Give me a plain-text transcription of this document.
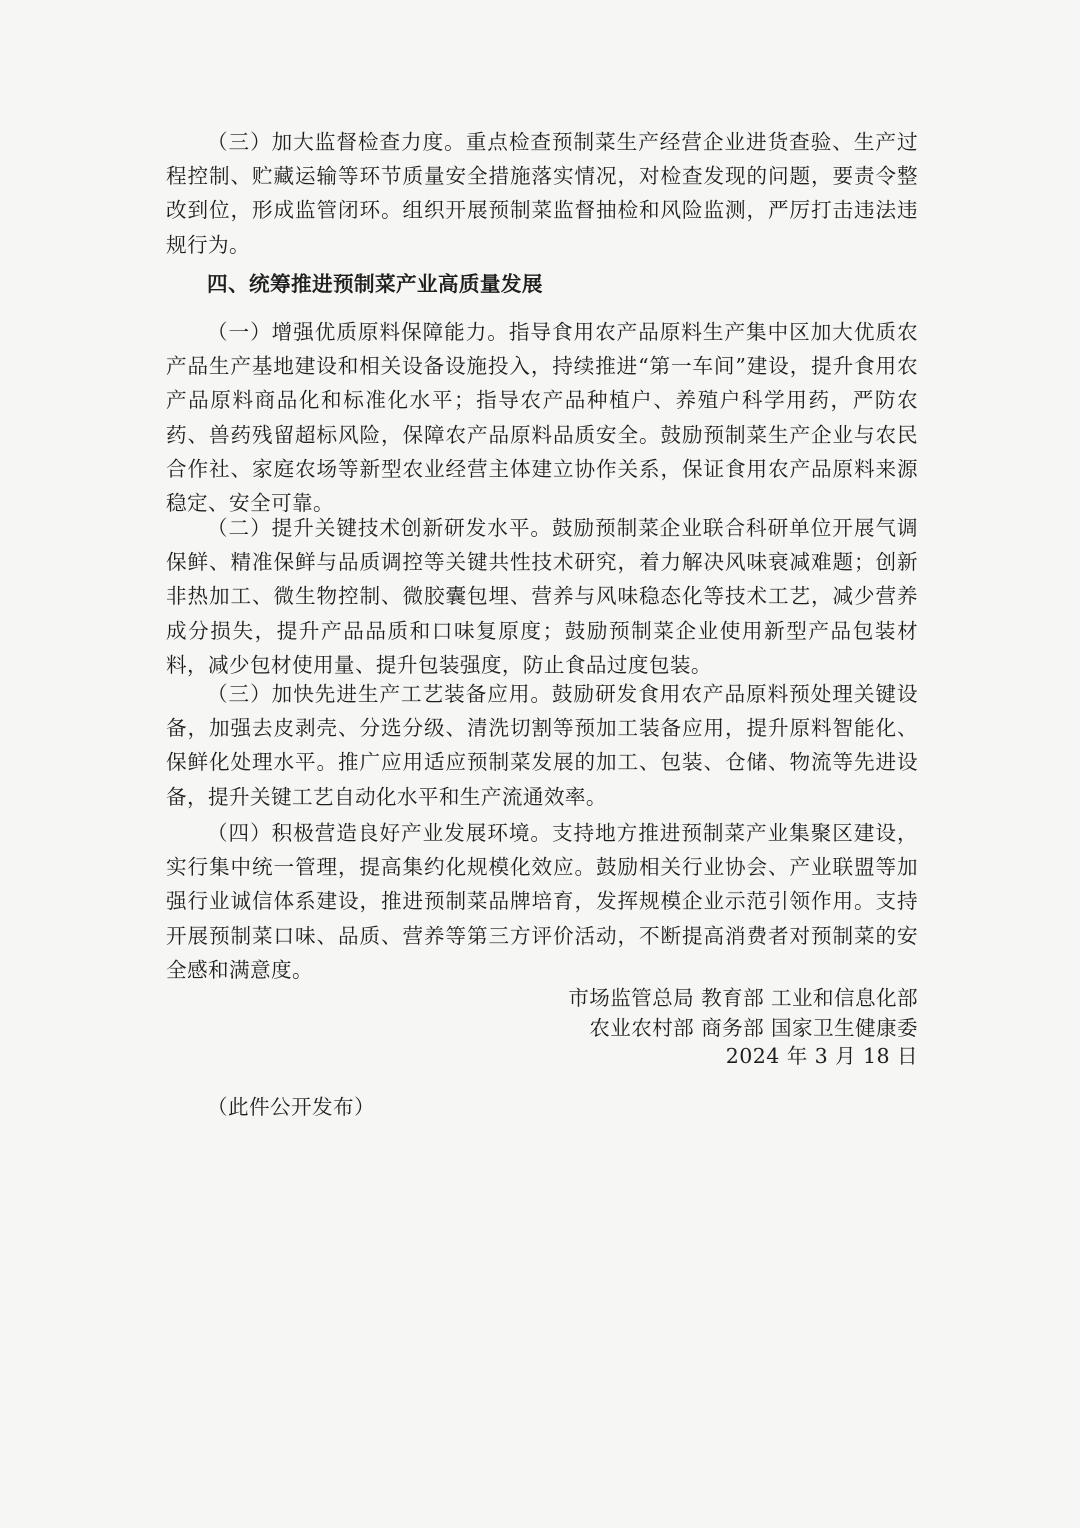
（三）加大监督检查力度。重点检查预制菜生产经营企业进货查验、生产过程控制、贮藏运输等环节质量安全措施落实情况，对检查发现的问题，要责令整改到位，形成监管闭环。组织开展预制菜监督抽检和风险监测，严厉打击违法违规行为。

四、统筹推进预制菜产业高质量发展

（一）增强优质原料保障能力。指导食用农产品原料生产集中区加大优质农产品生产基地建设和相关设备设施投入，持续推进“第一车间”建设，提升食用农产品原料商品化和标准化水平；指导农产品种植户、养殖户科学用药，严防农药、兽药残留超标风险，保障农产品原料品质安全。鼓励预制菜生产企业与农民合作社、家庭农场等新型农业经营主体建立协作关系，保证食用农产品原料来源稳定、安全可靠。

（二）提升关键技术创新研发水平。鼓励预制菜企业联合科研单位开展气调保鲜、精准保鲜与品质调控等关键共性技术研究，着力解决风味衰减难题；创新非热加工、微生物控制、微胶囊包埋、营养与风味稳态化等技术工艺，减少营养成分损失，提升产品品质和口味复原度；鼓励预制菜企业使用新型产品包装材料，减少包材使用量、提升包装强度，防止食品过度包装。

（三）加快先进生产工艺装备应用。鼓励研发食用农产品原料预处理关键设备，加强去皮剥壳、分选分级、清洗切割等预加工装备应用，提升原料智能化、保鲜化处理水平。推广应用适应预制菜发展的加工、包装、仓储、物流等先进设备，提升关键工艺自动化水平和生产流通效率。

（四）积极营造良好产业发展环境。支持地方推进预制菜产业集聚区建设，实行集中统一管理，提高集约化规模化效应。鼓励相关行业协会、产业联盟等加强行业诚信体系建设，推进预制菜品牌培育，发挥规模企业示范引领作用。支持开展预制菜口味、品质、营养等第三方评价活动，不断提高消费者对预制菜的安全感和满意度。

市场监管总局 教育部 工业和信息化部

农业农村部 商务部 国家卫生健康委

2024 年 3 月 18 日

（此件公开发布）
